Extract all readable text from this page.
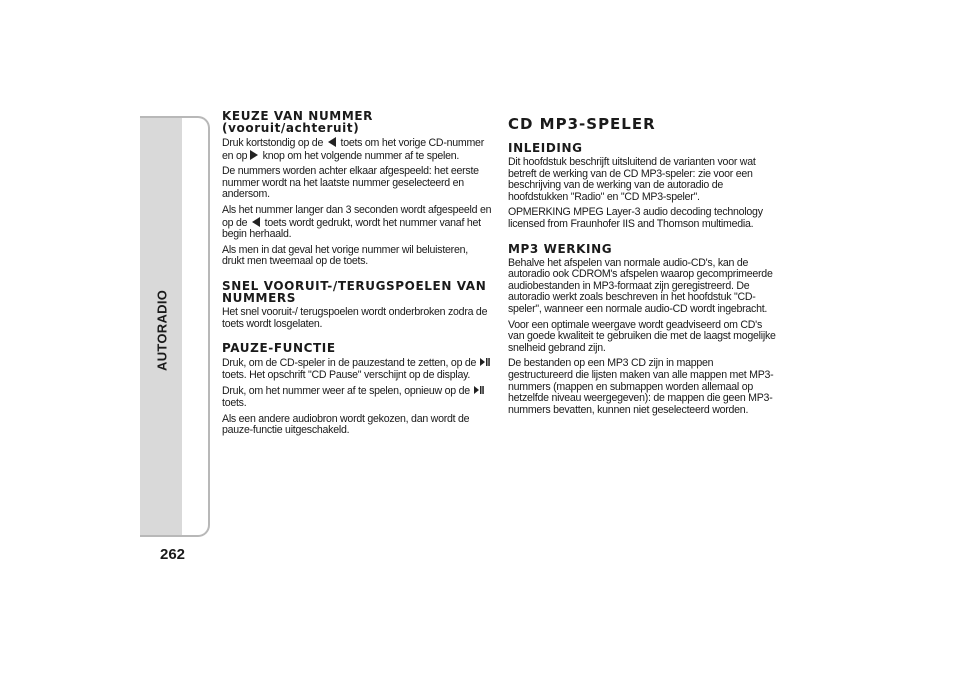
AUTORADIO
262
KEUZE VAN NUMMER
(vooruit/achteruit)

Druk kortstondig op de toets om het vorige CD-nummer en op knop om het volgende nummer af te spelen.

De nummers worden achter elkaar afgespeeld: het eerste nummer wordt na het laatste nummer geselecteerd en andersom.

Als het nummer langer dan 3 seconden wordt afgespeeld en op de toets wordt gedrukt, wordt het nummer vanaf het begin herhaald.

Als men in dat geval het vorige nummer wil beluisteren, drukt men tweemaal op de toets.

SNEL VOORUIT-/TERUGSPOELEN VAN
NUMMERS

Het snel vooruit-/ terugspoelen wordt onderbroken zodra de toets wordt losgelaten.

PAUZE-FUNCTIE

Druk, om de CD-speler in de pauzestand te zetten, op de  toets. Het opschrift "CD Pause" verschijnt op de display.

Druk, om het nummer weer af te spelen, opnieuw op de  toets.

Als een andere audiobron wordt gekozen, dan wordt de pauze-functie uitgeschakeld.

CD MP3-SPELER
INLEIDING

Dit hoofdstuk beschrijft uitsluitend de varianten voor wat betreft de werking van de CD MP3-speler: zie voor een beschrijving van de werking van de autoradio de hoofdstukken "Radio" en "CD MP3-speler".

OPMERKING MPEG Layer-3 audio decoding technology licensed from Fraunhofer IIS and Thomson multimedia.

MP3 WERKING

Behalve het afspelen van normale audio-CD's, kan de autoradio ook CDROM's afspelen waarop gecomprimeerde audiobestanden in MP3-formaat zijn geregistreerd. De autoradio werkt zoals beschreven in het hoofdstuk "CD-speler", wanneer een normale audio-CD wordt ingebracht.

Voor een optimale weergave wordt geadviseerd om CD's van goede kwaliteit te gebruiken die met de laagst mogelijke snelheid gebrand zijn.

De bestanden op een MP3 CD zijn in mappen gestructureerd die lijsten maken van alle mappen met MP3-nummers (mappen en submappen worden allemaal op hetzelfde niveau weergegeven): de mappen die geen MP3-nummers bevatten, kunnen niet geselecteerd worden.
